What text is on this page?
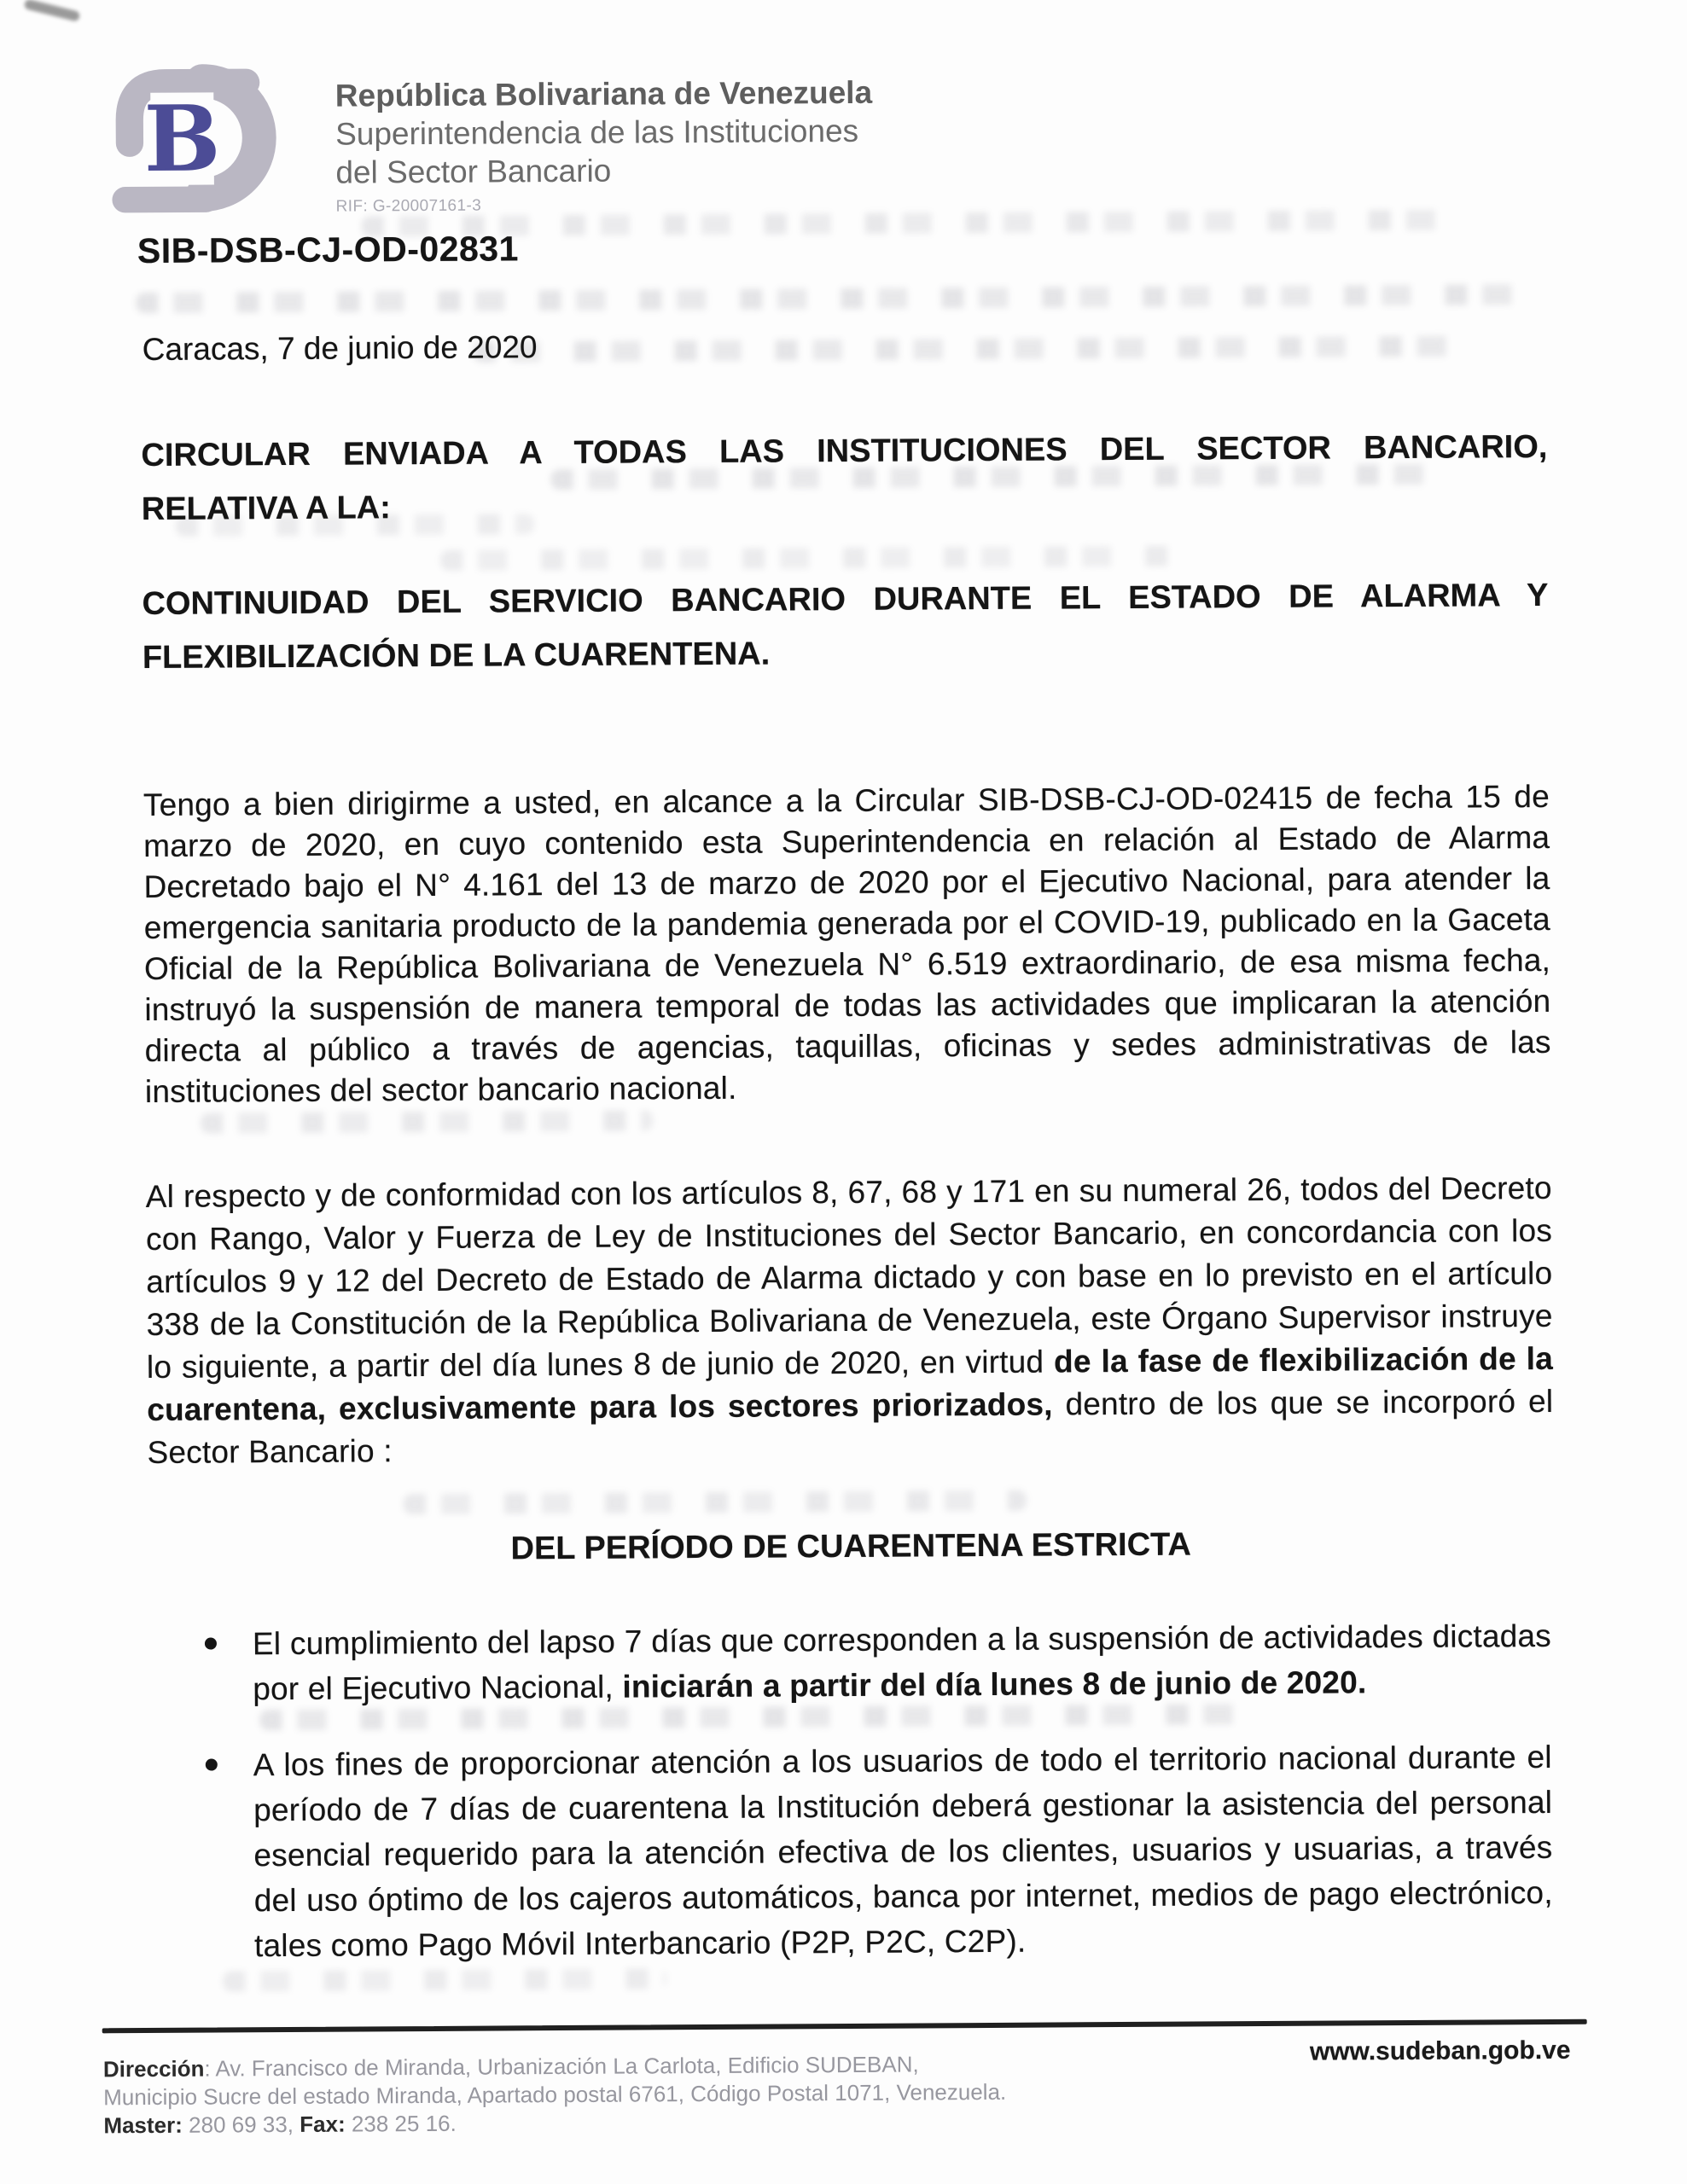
B	República Bolivariana de Venezuela
Superintendencia de las Instituciones
del Sector Bancario
RIF: G-20007161-3
SIB-DSB-CJ-OD-02831
Caracas, 7 de junio de 2020
CIRCULAR ENVIADA A TODAS LAS INSTITUCIONES DEL SECTOR BANCARIO,
RELATIVA A LA:
CONTINUIDAD DEL SERVICIO BANCARIO DURANTE EL ESTADO DE ALARMA Y
FLEXIBILIZACIÓN DE LA CUARENTENA.

Tengo a bien dirigirme a usted, en alcance a la Circular SIB-DSB-CJ-OD-02415 de fecha 15 de marzo de 2020, en cuyo contenido esta Superintendencia en relación al Estado de Alarma Decretado bajo el N° 4.161 del 13 de marzo de 2020 por el Ejecutivo Nacional, para atender la emergencia sanitaria producto de la pandemia generada por el COVID-19, publicado en la Gaceta Oficial de la República Bolivariana de Venezuela N° 6.519 extraordinario, de esa misma fecha, instruyó la suspensión de manera temporal de todas las actividades que implicaran la atención directa al público a través de agencias, taquillas, oficinas y sedes administrativas de las instituciones del sector bancario nacional.

Al respecto y de conformidad con los artículos 8, 67, 68 y 171 en su numeral 26, todos del Decreto con Rango, Valor y Fuerza de Ley de Instituciones del Sector Bancario, en concordancia con los artículos 9 y 12 del Decreto de Estado de Alarma dictado y con base en lo previsto en el artículo 338 de la Constitución de la República Bolivariana de Venezuela, este Órgano Supervisor instruye lo siguiente, a partir del día lunes 8 de junio de 2020, en virtud de la fase de flexibilización de la cuarentena, exclusivamente para los sectores priorizados, dentro de los que se incorporó el Sector Bancario :

DEL PERÍODO DE CUARENTENA ESTRICTA
El cumplimiento del lapso 7 días que corresponden a la suspensión de actividades dictadas por el Ejecutivo Nacional, iniciarán a partir del día lunes 8 de junio de 2020.
A los fines de proporcionar atención a los usuarios de todo el territorio nacional durante el período de 7 días de cuarentena la Institución deberá gestionar la asistencia del personal esencial requerido para la atención efectiva de los clientes, usuarios y usuarias, a través del uso óptimo de los cajeros automáticos, banca por internet, medios de pago electrónico, tales como Pago Móvil Interbancario (P2P, P2C, C2P).
Dirección: Av. Francisco de Miranda, Urbanización La Carlota, Edificio SUDEBAN,
Municipio Sucre del estado Miranda, Apartado postal 6761, Código Postal 1071, Venezuela.
Master: 280 69 33, Fax: 238 25 16.
www.sudeban.gob.ve
